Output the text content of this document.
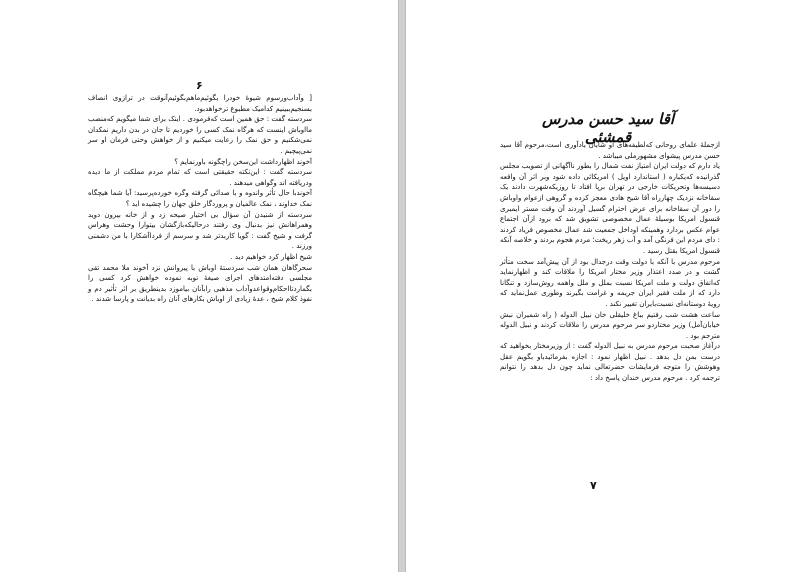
۶

[ وآداب‌ورسوم شیوهٔ خودرا بگوئیم‌ما‌هم‌بگوئیم‌آنوقت در ترازوی انصاف بسنجیم‌ببینیم کدامیک مطبوع ترخواهدبود.

سردسته گفت : حق همین است که‌فرمودی . اینک برای شما میگویم که‌منصب ما‌اوباش اینست که‌ هرگاه نمک کسی را خوردیم تا جان در بدن داریم نمکدان نمی‌شکنیم و حق نمک را رعایت میکنیم و از خواهش وحتی فرمان او سر نمی‌پیچیم .

آخوند اظهارداشت این‌سخن راچگونه باورنمایم ؟

سردسته گفت : این‌نکته حقیقتی است که تمام مردم مملکت از ما دیده ودرپافته اند وگواهی میدهند .

آخوندبا حال تأثر واندوه و با صدائی گرفته وگره خورده‌پرسید: آیا شما هیچگاه نمک خداوند ، نمک عالمیان و پروردگار خلق جهان را چشیده اید ؟

سردسته از شنیدن آن سؤال بی اختیار صیحه زد و از خانه بیرون دوید وهمراهانش نیز بدنبال وی رفتند درحالیکه‌بازگشان بیتوارا وحشت وهراس گرفت و شیخ گفت : گویا کاربدتر شد و سرسم از فردا‌آشکارا با من دشمنی ورزند .

شیخ اظهار کرد خواهیم دید .

سحرگاهان همان شب سردستهٔ اوباش با پیروانش نزد آخوند ملا محمد تقی مجلسی دفته‌امتدهای اجرای صیغهٔ توبه نموده خواهش کرد کسی را بگماردتا‌احکام‌وقواعد‌وآداب مذهبی را‌بآنان بیاموزد بدینطریق بر اثر تأثیر دم و نفوذ کلام شیخ ، عدهٔ زیادی از اوباش بکارهای آنان راه بدیانت و پارسا شدند .

آقا سید حسن مدرس قمشئی

ازجملهٔ علمای روحانی که‌لطیفه‌های او شایان یادآوری است،مرحوم آقا سید حسن مدرس پیشوای مشهورملی میباشد .

یاد دارم که دولت ایران امتیاز نفت شمال را بطور ناآگهانی از تصویب مجلس گذرانیده که‌یکباره ( استاندارد اویل ) امریکائی داده شود وبر اثر آن واقعه دسیسه‌ها وتحریکات خارجی در تهران برپا افتاد تا روزیکه‌شهرت دادند یک سقاخانه نزدیک چهارراه آقا شیخ هادی معجز کرده و گروهی ازعوام واوباش را دور آن سقاخانه برای عرض احترام گسیل آوردند آن وقت مستر ایمبری قنسول امریکا بوسیلهٔ عمال مخصوصی تشویق شد که برود ازآن اجتماع عوام عکس بردارد وهمینکه اوداخل جمعیت شد عمال مخصوص فریاد کردند : دای مردم این فرنگی آمد و آب زهر ریخت؛ مردم هجوم بردند و خلاصه آنکه قنسول امریکا بقتل رسید .

مرحوم مدرس با آنکه با دولت وقت درجدال بود از آن پیش‌آمد سخت متأثر گشت و در صدد اعتذار وزیر مختار امریکا را ملاقات کند و اظهارنماید که‌اتفاق دولت و ملت امریکا نسبت بملل و ملل واهمه روش‌سازد و تنگانا دارد که از ملت فقیر ایران جریمه و غرامت بگیرند وطوری عمل‌نماید که رویهٔ دوستانه‌ای نسبت‌بایران تغییر نکند .

ساعت هشت شب رفتیم بباغ خلیقلی خان نبیل الدوله ( راه شمیران نبش خیابان‌آمل) وزیر مختاردو سر مرحوم مدرس را ملاقات کردند و نبیل الدوله مترجم بود .

درآغاز صحبت مرحوم مدرس به نبیل الدوله گفت : از وزیر‌مختار بخواهید که درست بمن دل بدهد . نبیل اظهار نمود : اجازه بفرمائید‌باو بگویم عقل وهوشش را متوجه فرمایشات حضرتعالی نماید چون دل بدهد را نتوانم ترجمه کرد . مرحوم مدرس خندان پاسخ داد :

۷
